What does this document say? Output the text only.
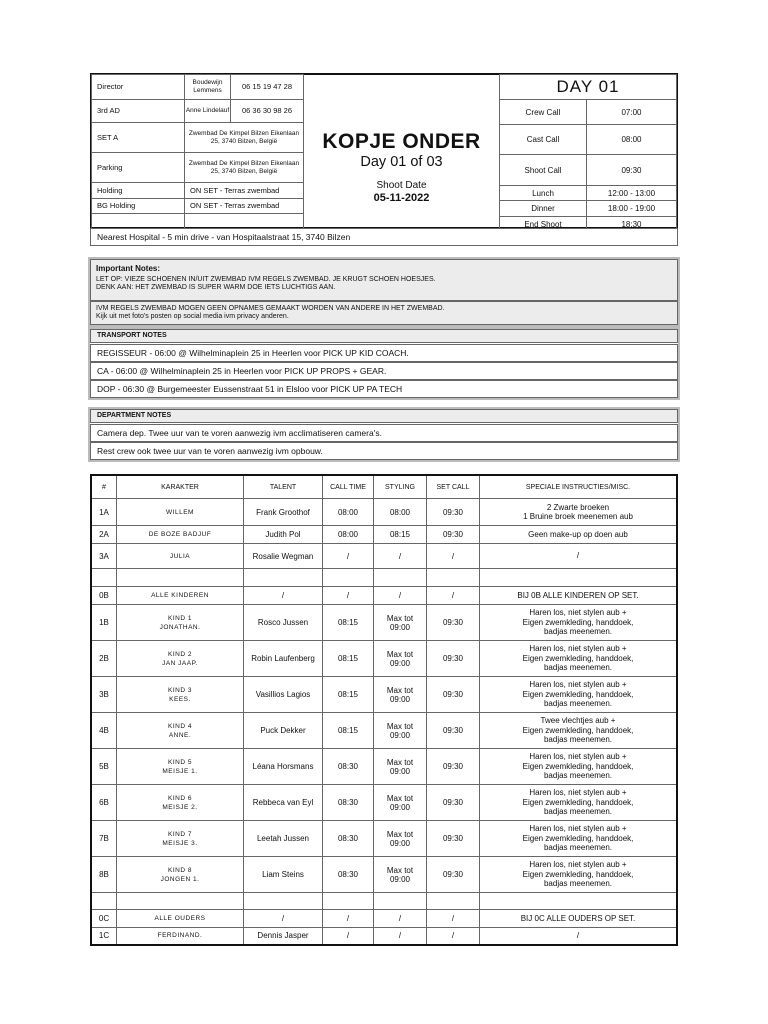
Director	Boudewijn Lemmens	06 15 19 47 28
3rd AD	Anne Lindelauf	06 36 30 98 26
SET A	Zwembad De Kimpel Bilzen Eikenlaan 25, 3740 Bilzen, België	
Parking	Zwembad De Kimpel Bilzen Eikenlaan 25, 3740 Bilzen, België	
Holding	ON SET - Terras zwembad	
BG Holding	ON SET - Terras zwembad	

KOPJE ONDER
Day 01 of 03
Shoot Date
05-11-2022
DAY 01	
Crew Call	07:00
Cast Call	08:00
Shoot Call	09:30
Lunch	12:00 - 13:00
Dinner	18:00 - 19:00
End Shoot	18:30
Nearest Hospital - 5 min drive - van Hospitaalstraat 15, 3740 Bilzen
Important Notes:
LET OP: VIEZE SCHOENEN IN/UIT ZWEMBAD IVM REGELS ZWEMBAD. JE KRUGT SCHOEN HOESJES.
DENK AAN: HET ZWEMBAD IS SUPER WARM DOE IETS LUCHTIGS AAN.
IVM REGELS ZWEMBAD MOGEN GEEN OPNAMES GEMAAKT WORDEN VAN ANDERE IN HET ZWEMBAD.
Kijk uit met foto's posten op social media ivm privacy anderen.
TRANSPORT NOTES
REGISSEUR - 06:00 @ Wilhelminaplein 25 in Heerlen voor PICK UP KID COACH.
CA - 06:00 @ Wilhelminaplein 25 in Heerlen voor PICK UP PROPS + GEAR.
DOP - 06:30 @ Burgemeester Eussenstraat 51 in Elsloo voor PICK UP PA TECH
DEPARTMENT NOTES
Camera dep. Twee uur van te voren aanwezig ivm acclimatiseren camera's.
Rest crew ook twee uur van te voren aanwezig ivm opbouw.
#	KARAKTER	TALENT	CALL TIME	STYLING	SET CALL	SPECIALE INSTRUCTIES/MISC.
1A	WILLEM	Frank Groothof	08:00	08:00	09:30	2 Zwarte broeken
1 Bruine broek meenemen aub
2A	DE BOZE BADJUF	Judith Pol	08:00	08:15	09:30	Geen make-up op doen aub
3A	JULIA	Rosalie Wegman	/	/	/	/

0B	ALLE KINDEREN	/	/	/	/	BIJ 0B ALLE KINDEREN OP SET.
1B	KIND 1
JONATHAN.	Rosco Jussen	08:15	Max tot
09:00	09:30	Haren los, niet stylen aub +
Eigen zwemkleding, handdoek,
badjas meenemen.
2B	KIND 2
JAN JAAP.	Robin Laufenberg	08:15	Max tot
09:00	09:30	Haren los, niet stylen aub +
Eigen zwemkleding, handdoek,
badjas meenemen.
3B	KIND 3
KEES.	Vasillios Lagios	08:15	Max tot
09:00	09:30	Haren los, niet stylen aub +
Eigen zwemkleding, handdoek,
badjas meenemen.
4B	KIND 4
ANNE.	Puck Dekker	08:15	Max tot
09:00	09:30	Twee vlechtjes aub +
Eigen zwemkleding, handdoek,
badjas meenemen.
5B	KIND 5
MEISJE 1.	Léana Horsmans	08:30	Max tot
09:00	09:30	Haren los, niet stylen aub +
Eigen zwemkleding, handdoek,
badjas meenemen.
6B	KIND 6
MEISJE 2.	Rebbeca van Eyl	08:30	Max tot
09:00	09:30	Haren los, niet stylen aub +
Eigen zwemkleding, handdoek,
badjas meenemen.
7B	KIND 7
MEISJE 3.	Leetah Jussen	08:30	Max tot
09:00	09:30	Haren los, niet stylen aub +
Eigen zwemkleding, handdoek,
badjas meenemen.
8B	KIND 8
JONGEN 1.	Liam Steins	08:30	Max tot
09:00	09:30	Haren los, niet stylen aub +
Eigen zwemkleding, handdoek,
badjas meenemen.

0C	ALLE OUDERS	/	/	/	/	BIJ 0C ALLE OUDERS OP SET.
1C	FERDINAND.	Dennis Jasper	/	/	/	/
